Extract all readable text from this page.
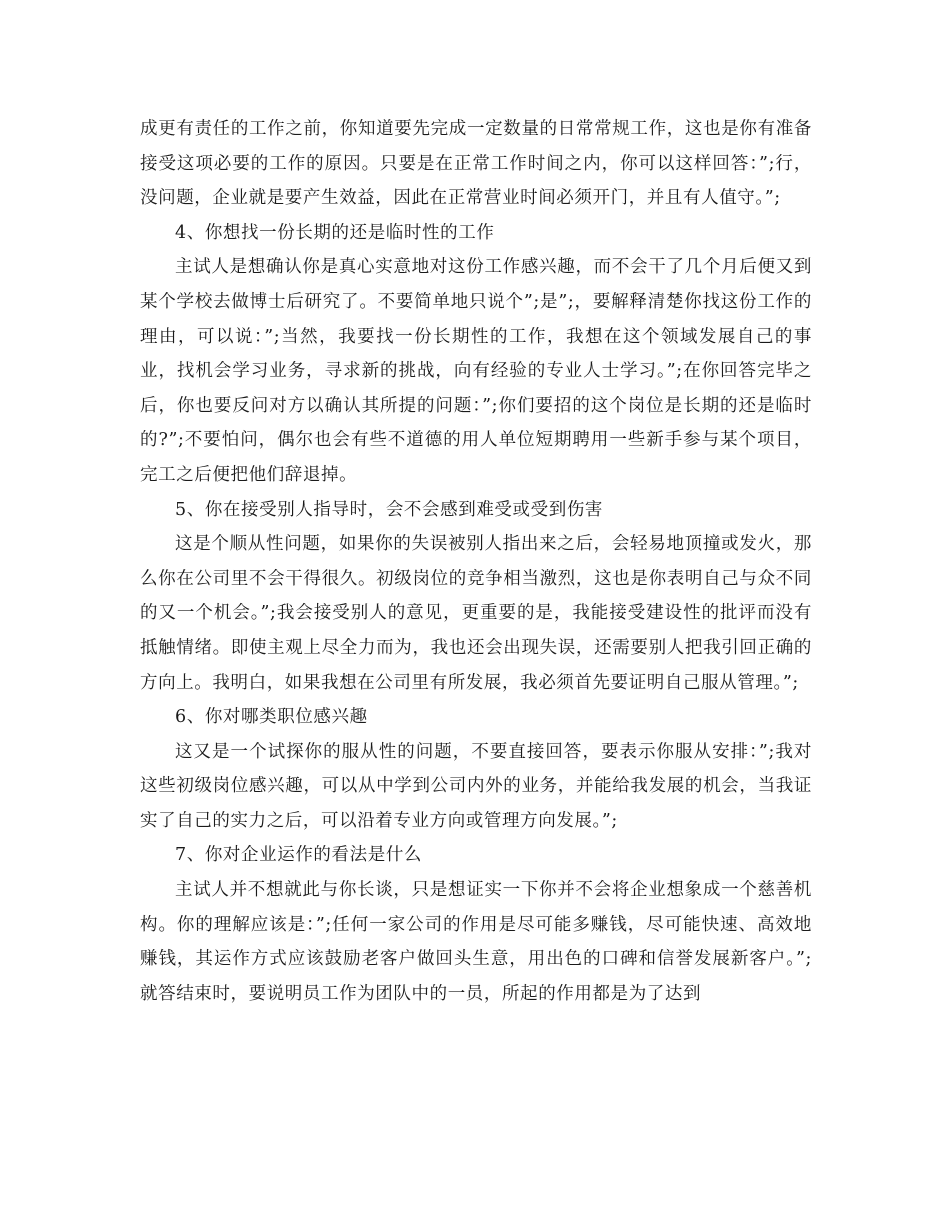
成更有责任的工作之前，你知道要先完成一定数量的日常常规工作，这也是你有准备接受这项必要的工作的原因。只要是在正常工作时间之内，你可以这样回答：”;行，没问题，企业就是要产生效益，因此在正常营业时间必须开门，并且有人值守。”;

4、你想找一份长期的还是临时性的工作

主试人是想确认你是真心实意地对这份工作感兴趣，而不会干了几个月后便又到某个学校去做博士后研究了。不要简单地只说个”;是”;，要解释清楚你找这份工作的理由，可以说：”;当然，我要找一份长期性的工作，我想在这个领域发展自己的事业，找机会学习业务，寻求新的挑战，向有经验的专业人士学习。”;在你回答完毕之后，你也要反问对方以确认其所提的问题：”;你们要招的这个岗位是长期的还是临时的?”;不要怕问，偶尔也会有些不道德的用人单位短期聘用一些新手参与某个项目，完工之后便把他们辞退掉。

5、你在接受别人指导时，会不会感到难受或受到伤害

这是个顺从性问题，如果你的失误被别人指出来之后，会轻易地顶撞或发火，那么你在公司里不会干得很久。初级岗位的竞争相当激烈，这也是你表明自己与众不同的又一个机会。”;我会接受别人的意见，更重要的是，我能接受建设性的批评而没有抵触情绪。即使主观上尽全力而为，我也还会出现失误，还需要别人把我引回正确的方向上。我明白，如果我想在公司里有所发展，我必须首先要证明自己服从管理。”;

6、你对哪类职位感兴趣

这又是一个试探你的服从性的问题，不要直接回答，要表示你服从安排：”;我对这些初级岗位感兴趣，可以从中学到公司内外的业务，并能给我发展的机会，当我证实了自己的实力之后，可以沿着专业方向或管理方向发展。”;

7、你对企业运作的看法是什么

主试人并不想就此与你长谈，只是想证实一下你并不会将企业想象成一个慈善机构。你的理解应该是：”;任何一家公司的作用是尽可能多赚钱，尽可能快速、高效地赚钱，其运作方式应该鼓励老客户做回头生意，用出色的口碑和信誉发展新客户。”;就答结束时，要说明员工作为团队中的一员，所起的作用都是为了达到
